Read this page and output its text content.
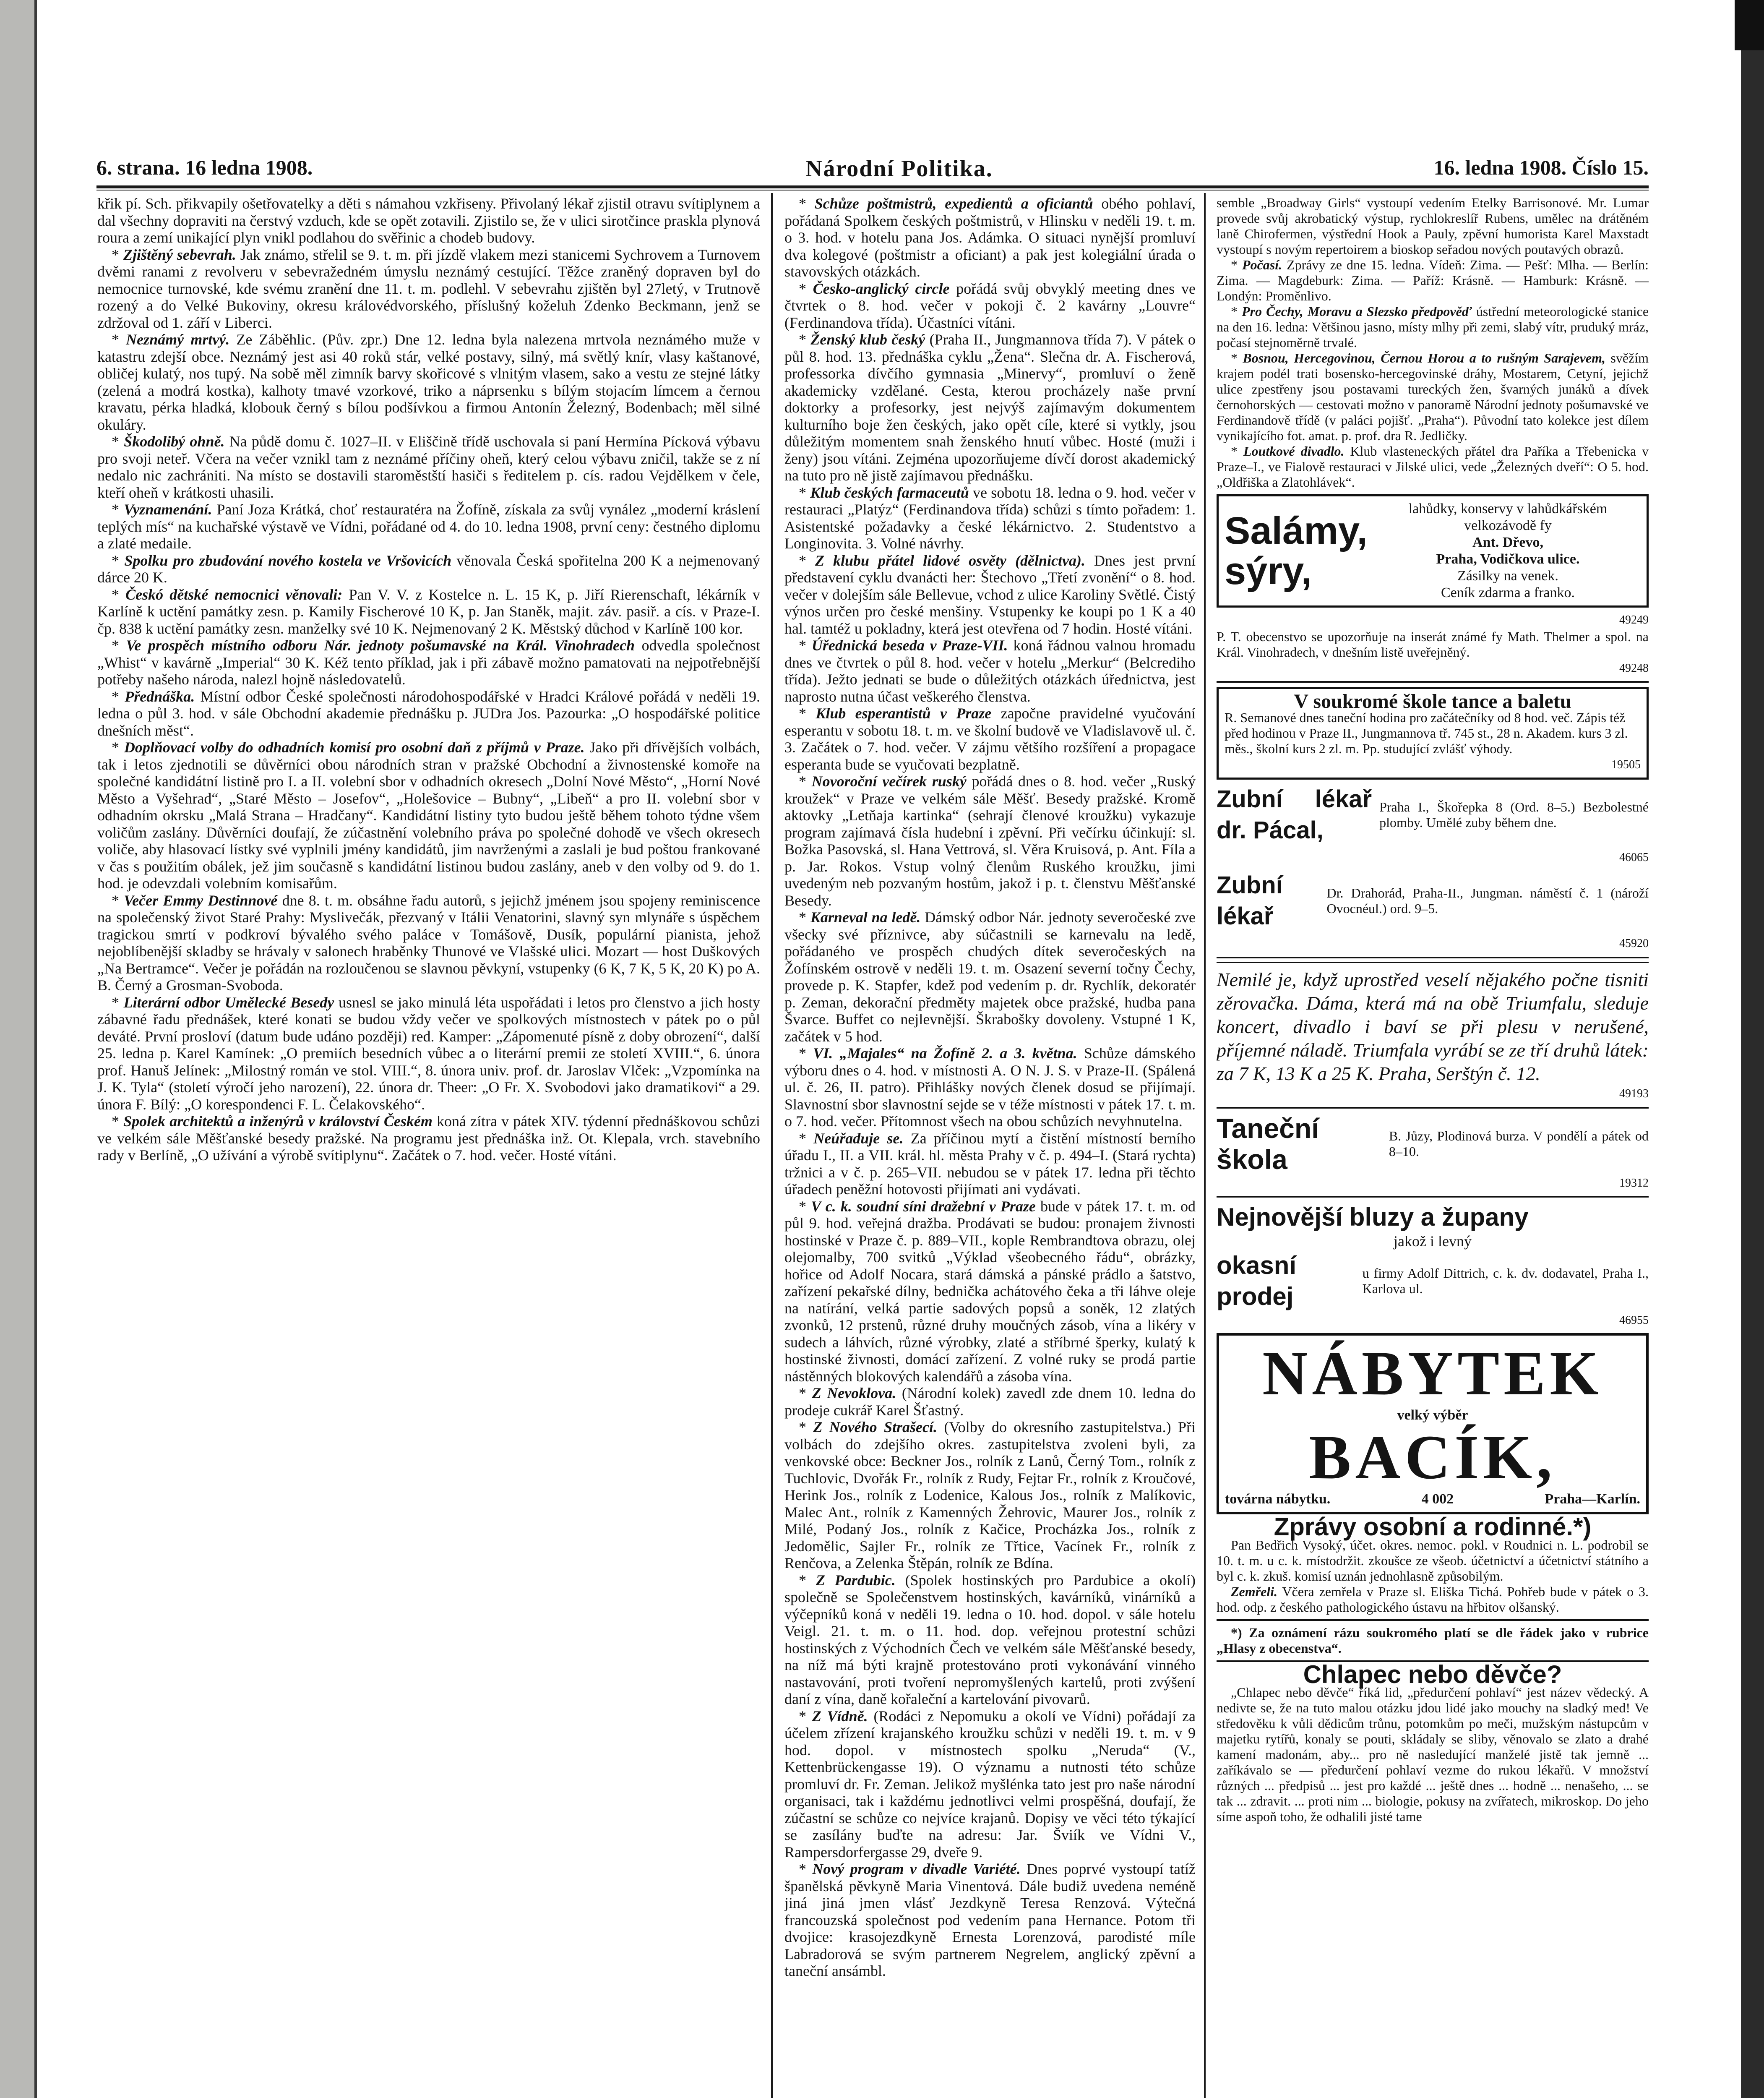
6. strana. 16 ledna 1908.	Národní Politika.	16. ledna 1908. Číslo 15.

křik pí. Sch. přikvapily ošetřovatelky a děti s námahou vzkřiseny. Přivolaný lékař zjistil otravu svítiplynem a dal všechny dopraviti na čerstvý vzduch, kde se opět zotavili. Zjistilo se, že v ulici sirotčince praskla plynová roura a zemí unikající plyn vnikl podlahou do svěřinic a chodeb budovy.

* Zjištěný sebevrah. Jak známo, střelil se 9. t. m. při jízdě vlakem mezi stanicemi Sychrovem a Turnovem dvěmi ranami z revolveru v sebevražedném úmyslu neznámý cestující. Těžce zraněný dopraven byl do nemocnice turnovské, kde svému zranění dne 11. t. m. podlehl. V sebevrahu zjištěn byl 27letý, v Trutnově rozený a do Velké Bukoviny, okresu královédvorského, příslušný koželuh Zdenko Beckmann, jenž se zdržoval od 1. září v Liberci.

* Neznámý mrtvý. Ze Záběhlic. (Pův. zpr.) Dne 12. ledna byla nalezena mrtvola neznámého muže v katastru zdejší obce. Neznámý jest asi 40 roků stár, velké postavy, silný, má světlý knír, vlasy kaštanové, obličej kulatý, nos tupý. Na sobě měl zimník barvy skořicové s vlnitým vlasem, sako a vestu ze stejné látky (zelená a modrá kostka), kalhoty tmavé vzorkové, triko a náprsenku s bílým stojacím límcem a černou kravatu, pérka hladká, klobouk černý s bílou podšívkou a firmou Antonín Železný, Bodenbach; měl silné okuláry.

* Škodolibý ohně. Na půdě domu č. 1027–II. v Eliščině třídě uschovala si paní Hermína Pícková výbavu pro svoji neteř. Včera na večer vznikl tam z neznámé příčiny oheň, který celou výbavu zničil, takže se z ní nedalo nic zachrániti. Na místo se dostavili staroměstští hasiči s ředitelem p. cís. radou Vejdělkem v čele, kteří oheň v krátkosti uhasili.

* Vyznamenání. Paní Joza Krátká, choť restauratéra na Žofíně, získala za svůj vynález „moderní kráslení teplých mís“ na kuchařské výstavě ve Vídni, pořádané od 4. do 10. ledna 1908, první ceny: čestného diplomu a zlaté medaile.

* Spolku pro zbudování nového kostela ve Vršovicích věnovala Česká spořitelna 200 K a nejmenovaný dárce 20 K.

* Českó dětské nemocnici věnovali: Pan V. V. z Kostelce n. L. 15 K, p. Jiří Rierenschaft, lékárník v Karlíně k uctění památky zesn. p. Kamily Fischerové 10 K, p. Jan Staněk, majit. záv. pasiř. a cís. v Praze-I. čp. 838 k uctění památky zesn. manželky své 10 K. Nejmenovaný 2 K. Městský důchod v Karlíně 100 kor.

* Ve prospěch místního odboru Nár. jednoty pošumavské na Král. Vinohradech odvedla společnost „Whist“ v kavárně „Imperial“ 30 K. Kéž tento příklad, jak i při zábavě možno pamatovati na nejpotřebnější potřeby našeho národa, nalezl hojně následovatelů.

* Přednáška. Místní odbor České společnosti národohospodářské v Hradci Králové pořádá v neděli 19. ledna o půl 3. hod. v sále Obchodní akademie přednášku p. JUDra Jos. Pazourka: „O hospodářské politice dnešních měst“.

* Doplňovací volby do odhadních komisí pro osobní daň z příjmů v Praze. Jako při dřívějších volbách, tak i letos zjednotili se důvěrníci obou národních stran v pražské Obchodní a živnostenské komoře na společné kandidátní listině pro I. a II. volební sbor v odhadních okresech „Dolní Nové Město“, „Horní Nové Město a Vyšehrad“, „Staré Město – Josefov“, „Holešovice – Bubny“, „Libeň“ a pro II. volební sbor v odhadním okrsku „Malá Strana – Hradčany“. Kandidátní listiny tyto budou ještě během tohoto týdne všem voličům zaslány. Důvěrníci doufají, že zúčastnění volebního práva po společné dohodě ve všech okresech voliče, aby hlasovací lístky své vyplnili jmény kandidátů, jim navrženými a zaslali je bud poštou frankované v čas s použitím obálek, jež jim současně s kandidátní listinou budou zaslány, aneb v den volby od 9. do 1. hod. je odevzdali volebním komisařům.

* Večer Emmy Destinnové dne 8. t. m. obsáhne řadu autorů, s jejichž jménem jsou spojeny reminiscence na společenský život Staré Prahy: Myslivečák, přezvaný v Itálii Venatorini, slavný syn mlynáře s úspěchem tragickou smrtí v podkroví bývalého svého paláce v Tomášově, Dusík, populární pianista, jehož nejoblíbenější skladby se hrávaly v salonech hraběnky Thunové ve Vlašské ulici. Mozart — host Duškových „Na Bertramce“. Večer je pořádán na rozloučenou se slavnou pěvkyní, vstupenky (6 K, 7 K, 5 K, 20 K) po A. B. Černý a Grosman-Svoboda.

* Literární odbor Umělecké Besedy usnesl se jako minulá léta uspořádati i letos pro členstvo a jich hosty zábavné řadu přednášek, které konati se budou vždy večer ve spolkových místnostech v pátek po o půl deváté. První prosloví (datum bude udáno později) red. Kamper: „Zápomenuté písně z doby obrození“, další 25. ledna p. Karel Kamínek: „O premiích besedních vůbec a o literární premii ze století XVIII.“, 6. února prof. Hanuš Jelínek: „Milostný román ve stol. VIII.“, 8. února univ. prof. dr. Jaroslav Vlček: „Vzpomínka na J. K. Tyla“ (století výročí jeho narození), 22. února dr. Theer: „O Fr. X. Svobodovi jako dramatikovi“ a 29. února F. Bílý: „O korespondenci F. L. Čelakovského“.

* Spolek architektů a inženýrů v království Českém koná zítra v pátek XIV. týdenní přednáškovou schůzi ve velkém sále Měšťanské besedy pražské. Na programu jest přednáška inž. Ot. Klepala, vrch. stavebního rady v Berlíně, „O užívání a výrobě svítiplynu“. Začátek o 7. hod. večer. Hosté vítáni.

* Schůze poštmistrů, expedientů a oficiantů obého pohlaví, pořádaná Spolkem českých poštmistrů, v Hlinsku v neděli 19. t. m. o 3. hod. v hotelu pana Jos. Adámka. O situaci nynější promluví dva kolegové (poštmistr a oficiant) a pak jest kolegiální úrada o stavovských otázkách.

* Česko-anglický circle pořádá svůj obvyklý meeting dnes ve čtvrtek o 8. hod. večer v pokoji č. 2 kavárny „Louvre“ (Ferdinandova třída). Účastníci vítáni.

* Ženský klub český (Praha II., Jungmannova třída 7). V pátek o půl 8. hod. 13. přednáška cyklu „Žena“. Slečna dr. A. Fischerová, professorka dívčího gymnasia „Minervy“, promluví o ženě akademicky vzdělané. Cesta, kterou procházely naše první doktorky a profesorky, jest nejvýš zajímavým dokumentem kulturního boje žen českých, jako opět cíle, které si vytkly, jsou důležitým momentem snah ženského hnutí vůbec. Hosté (muži i ženy) jsou vítáni. Zejména upozorňujeme dívčí dorost akademický na tuto pro ně jistě zajímavou přednášku.

* Klub českých farmaceutů ve sobotu 18. ledna o 9. hod. večer v restauraci „Platýz“ (Ferdinandova třída) schůzi s tímto pořadem: 1. Asistentské požadavky a české lékárnictvo. 2. Studentstvo a Longinovita. 3. Volné návrhy.

* Z klubu přátel lidové osvěty (dělnictva). Dnes jest první představení cyklu dvanácti her: Štechovo „Třetí zvonění“ o 8. hod. večer v dolejším sále Bellevue, vchod z ulice Karoliny Světlé. Čistý výnos určen pro české menšiny. Vstupenky ke koupi po 1 K a 40 hal. tamtéž u pokladny, která jest otevřena od 7 hodin. Hosté vítáni.

* Úřednická beseda v Praze-VII. koná řádnou valnou hromadu dnes ve čtvrtek o půl 8. hod. večer v hotelu „Merkur“ (Belcrediho třída). Ježto jednati se bude o důležitých otázkách úřednictva, jest naprosto nutna účast veškerého členstva.

* Klub esperantistů v Praze započne pravidelné vyučování esperantu v sobotu 18. t. m. ve školní budově ve Vladislavově ul. č. 3. Začátek o 7. hod. večer. V zájmu většího rozšíření a propagace esperanta bude se vyučovati bezplatně.

* Novoroční večírek ruský pořádá dnes o 8. hod. večer „Ruský kroužek“ v Praze ve velkém sále Měšť. Besedy pražské. Kromě aktovky „Letňaja kartinka“ (sehrají členové kroužku) vykazuje program zajímavá čísla hudební i zpěvní. Při večírku účinkují: sl. Božka Pasovská, sl. Hana Vettrová, sl. Věra Kruisová, p. Ant. Fíla a p. Jar. Rokos. Vstup volný členům Ruského kroužku, jimi uvedeným neb pozvaným hostům, jakož i p. t. členstvu Měšťanské Besedy.

* Karneval na ledě. Dámský odbor Nár. jednoty severočeské zve všecky své příznivce, aby súčastnili se karnevalu na ledě, pořádaného ve prospěch chudých dítek severočeských na Žofínském ostrově v neděli 19. t. m. Osazení severní točny Čechy, provede p. K. Stapfer, kdež pod vedením p. dr. Rychlík, dekoratér p. Zeman, dekorační předměty majetek obce pražské, hudba pana Švarce. Buffet co nejlevnější. Škrabošky dovoleny. Vstupné 1 K, začátek v 5 hod.

* VI. „Majales“ na Žofíně 2. a 3. května. Schůze dámského výboru dnes o 4. hod. v místnosti A. O N. J. S. v Praze-II. (Spálená ul. č. 26, II. patro). Přihlášky nových členek dosud se přijímají. Slavnostní sbor slavnostní sejde se v téže místnosti v pátek 17. t. m. o 7. hod. večer. Přítomnost všech na obou schůzích nevyhnutelna.

* Neúřaduje se. Za příčinou mytí a čistění místností berního úřadu I., II. a VII. král. hl. města Prahy v č. p. 494–I. (Stará rychta) tržnici a v č. p. 265–VII. nebudou se v pátek 17. ledna při těchto úřadech peněžní hotovosti přijímati ani vydávati.

* V c. k. soudní síni dražební v Praze bude v pátek 17. t. m. od půl 9. hod. veřejná dražba. Prodávati se budou: pronajem živnosti hostinské v Praze č. p. 889–VII., kople Rembrandtova obrazu, olej olejomalby, 700 svitků „Výklad všeobecného řádu“, obrázky, hořice od Adolf Nocara, stará dámská a pánské prádlo a šatstvo, zařízení pekařské dílny, bednička achátového čeka a tři láhve oleje na natírání, velká partie sadových popsů a soněk, 12 zlatých zvonků, 12 prstenů, různé druhy moučných zásob, vína a likéry v sudech a láhvích, různé výrobky, zlaté a stříbrné šperky, kulatý k hostinské živnosti, domácí zařízení. Z volné ruky se prodá partie nástěnných blokových kalendářů a zásoba vína.

* Z Nevoklova. (Národní kolek) zavedl zde dnem 10. ledna do prodeje cukrář Karel Šťastný.

* Z Nového Strašecí. (Volby do okresního zastupitelstva.) Při volbách do zdejšího okres. zastupitelstva zvoleni byli, za venkovské obce: Beckner Jos., rolník z Lanů, Černý Tom., rolník z Tuchlovic, Dvořák Fr., rolník z Rudy, Fejtar Fr., rolník z Kroučové, Herink Jos., rolník z Lodenice, Kalous Jos., rolník z Malíkovic, Malec Ant., rolník z Kamenných Žehrovic, Maurer Jos., rolník z Milé, Podaný Jos., rolník z Kačice, Procházka Jos., rolník z Jedomělic, Sajler Fr., rolník ze Třtice, Vacínek Fr., rolník z Renčova, a Zelenka Štěpán, rolník ze Bdína.

* Z Pardubic. (Spolek hostinských pro Pardubice a okolí) společně se Společenstvem hostinských, kavárníků, vinárníků a výčepníků koná v neděli 19. ledna o 10. hod. dopol. v sále hotelu Veigl. 21. t. m. o 11. hod. dop. veřejnou protestní schůzi hostinských z Východních Čech ve velkém sále Měšťanské besedy, na níž má býti krajně protestováno proti vykonávání vinného nastavování, proti tvoření nepromyšlených kartelů, proti zvýšení daní z vína, daně kořaleční a kartelování pivovarů.

* Z Vídně. (Rodáci z Nepomuku a okolí ve Vídni) pořádají za účelem zřízení krajanského kroužku schůzi v neděli 19. t. m. v 9 hod. dopol. v místnostech spolku „Neruda“ (V., Kettenbrückengasse 19). O významu a nutnosti této schůze promluví dr. Fr. Zeman. Jelikož myšlénka tato jest pro naše národní organisaci, tak i každému jednotlivci velmi prospěšná, doufají, že zúčastní se schůze co nejvíce krajanů. Dopisy ve věci této týkající se zasílány buďte na adresu: Jar. Šviík ve Vídni V., Rampersdorfergasse 29, dveře 9.

* Nový program v divadle Variété. Dnes poprvé vystoupí tatíž španělská pěvkyně Maria Vinentová. Dále budiž uvedena neméně jiná jiná jmen vlásť Jezdkyně Teresa Renzová. Výtečná francouzská společnost pod vedením pana Hernance. Potom tři dvojice: krasojezdkyně Ernesta Lorenzová, parodisté míle Labradorová se svým partnerem Negrelem, anglický zpěvní a taneční ansámbl.

semble „Broadway Girls“ vystoupí vedením Etelky Barrisonové. Mr. Lumar provede svůj akrobatický výstup, rychlokreslíř Rubens, umělec na drátěném laně Chirofermen, výstřední Hook a Pauly, zpěvní humorista Karel Maxstadt vystoupí s novým repertoirem a bioskop seřadou nových poutavých obrazů.

* Počasí. Zprávy ze dne 15. ledna. Vídeň: Zima. — Pešť: Mlha. — Berlín: Zima. — Magdeburk: Zima. — Paříž: Krásně. — Hamburk: Krásně. — Londýn: Proměnlivo.

* Pro Čechy, Moravu a Slezsko předpověď ústřední meteorologické stanice na den 16. ledna: Většinou jasno, místy mlhy při zemi, slabý vítr, pruduký mráz, počasí stejnoměrně trvalé.

* Bosnou, Hercegovinou, Černou Horou a to rušným Sarajevem, svěžím krajem podél trati bosensko-hercegovinské dráhy, Mostarem, Cetyní, jejichž ulice zpestřeny jsou postavami tureckých žen, švarných junáků a dívek černohorských — cestovati možno v panoramě Národní jednoty pošumavské ve Ferdinandově třídě (v paláci pojišť. „Praha“). Původní tato kolekce jest dílem vynikajícího fot. amat. p. prof. dra R. Jedličky.

* Loutkové divadlo. Klub vlasteneckých přátel dra Paříka a Třebenicka v Praze–I., ve Fialově restauraci v Jilské ulici, vede „Železných dveří“: O 5. hod. „Oldřiška a Zlatohlávek“.

Salámy,
sýry,
lahůdky, konservy v lahůdkářském velkozávodě fy
Ant. Dřevo,
Praha, Vodičkova ulice.
Zásilky na venek.
Ceník zdarma a franko.
49249

P. T. obecenstvo se upozorňuje na inserát známé fy Math. Thelmer a spol. na Král. Vinohradech, v dnešním listě uveřejněný.

49248
V soukromé škole tance a baletu
R. Semanové dnes taneční hodina pro začátečníky od 8 hod. več. Zápis též před hodinou v Praze II., Jungmannova tř. 745 st., 28 n. Akadem. kurs 3 zl. měs., školní kurs 2 zl. m. Pp. studující zvlášť výhody.
19505
Zubní lékař dr. Pácal,
Praha I., Škořepka 8 (Ord. 8–5.) Bezbolestné plomby. Umělé zuby během dne.
46065
Zubní lékař
Dr. Drahorád, Praha-II., Jungman. náměstí č. 1 (nároží Ovocnéul.) ord. 9–5.
45920
Nemilé je, když uprostřed veselí nějakého počne tisniti zěrovačka. Dáma, která má na obě Triumfalu, sleduje koncert, divadlo i baví se při plesu v nerušené, příjemné náladě. Triumfala vyrábí se ze tří druhů látek: za 7 K, 13 K a 25 K. Praha, Serštýn č. 12.
49193
Taneční škola
B. Jůzy, Plodinová burza. V pondělí a pátek od 8–10.
19312
Nejnovější bluzy a župany
jakož i levný
okasní prodej
u firmy Adolf Dittrich, c. k. dv. dodavatel, Praha I., Karlova ul.
46955
NÁBYTEK
velký výběr
BACÍK,
továrna nábytku.	4 002	Praha—Karlín.
Zprávy osobní a rodinné.*)

Pan Bedřich Vysoký, účet. okres. nemoc. pokl. v Roudnici n. L. podrobil se 10. t. m. u c. k. místodržit. zkoušce ze všeob. účetnictví a účetnictví státního a byl c. k. zkuš. komisí uznán jednohlasně způsobilým.

Zemřeli. Včera zemřela v Praze sl. Eliška Tichá. Pohřeb bude v pátek o 3. hod. odp. z českého pathologického ústavu na hřbitov olšanský.

*) Za oznámení rázu soukromého platí se dle řádek jako v rubrice „Hlasy z obecenstva“.

Chlapec nebo děvče?

„Chlapec nebo děvče“ říká lid, „předurčení pohlaví“ jest název vědecký. A nedivte se, že na tuto malou otázku jdou lidé jako mouchy na sladký med! Ve středověku k vůli dědicům trůnu, potomkům po meči, mužským nástupcům v majetku rytířů, konaly se pouti, skládaly se sliby, věnovalo se zlato a drahé kamení madonám, aby... pro ně nasledující manželé jistě tak jemně ... zaříkávalo se — předurčení pohlaví vezme do rukou lékařů. V množství různých ... předpisů ... jest pro každé ... ještě dnes ... hodně ... nenašeho, ... se tak ... zdravit. ... proti nim ... biologie, pokusy na zvířatech, mikroskop. Do jeho síme aspoň toho, že odhalili jisté tame
